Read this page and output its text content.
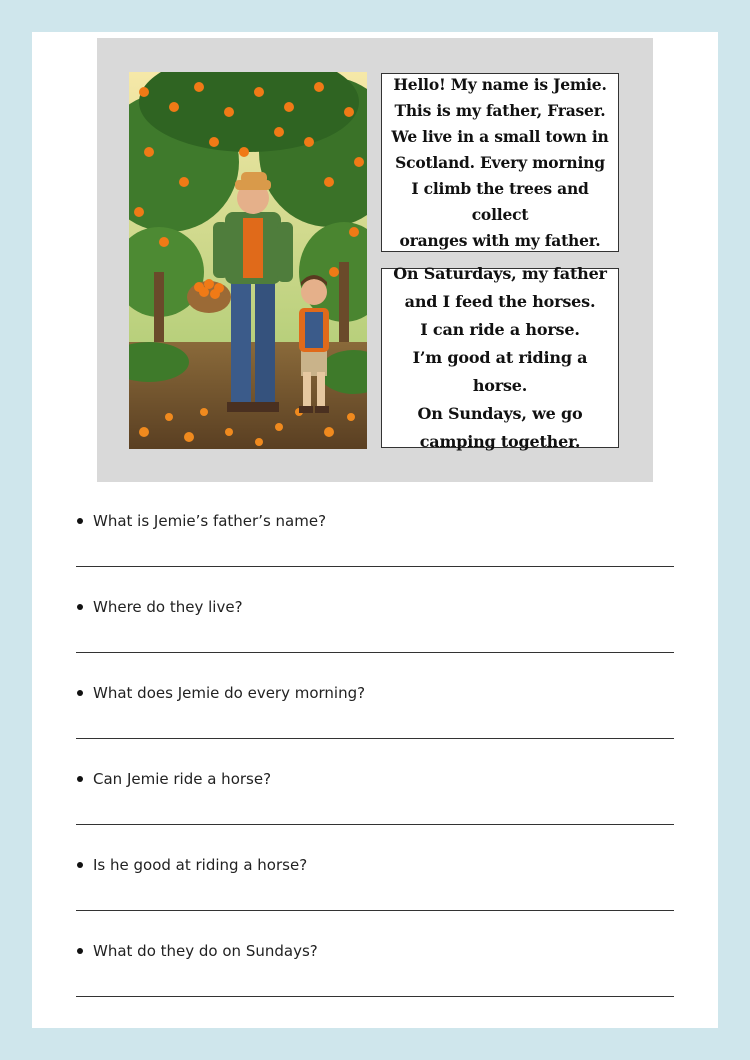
Hello! My name is Jemie.
This is my father, Fraser.
We live in a small town in
Scotland. Every morning
I climb the trees and collect
oranges with my father.

On Saturdays, my father
and I feed the horses.
I can ride a horse.
I’m good at riding a horse.
On Sundays, we go
camping together.

What is Jemie’s father’s name?
Where do they live?
What does Jemie do every morning?
Can Jemie ride a horse?
Is he good at riding a horse?
What do they do on Sundays?
